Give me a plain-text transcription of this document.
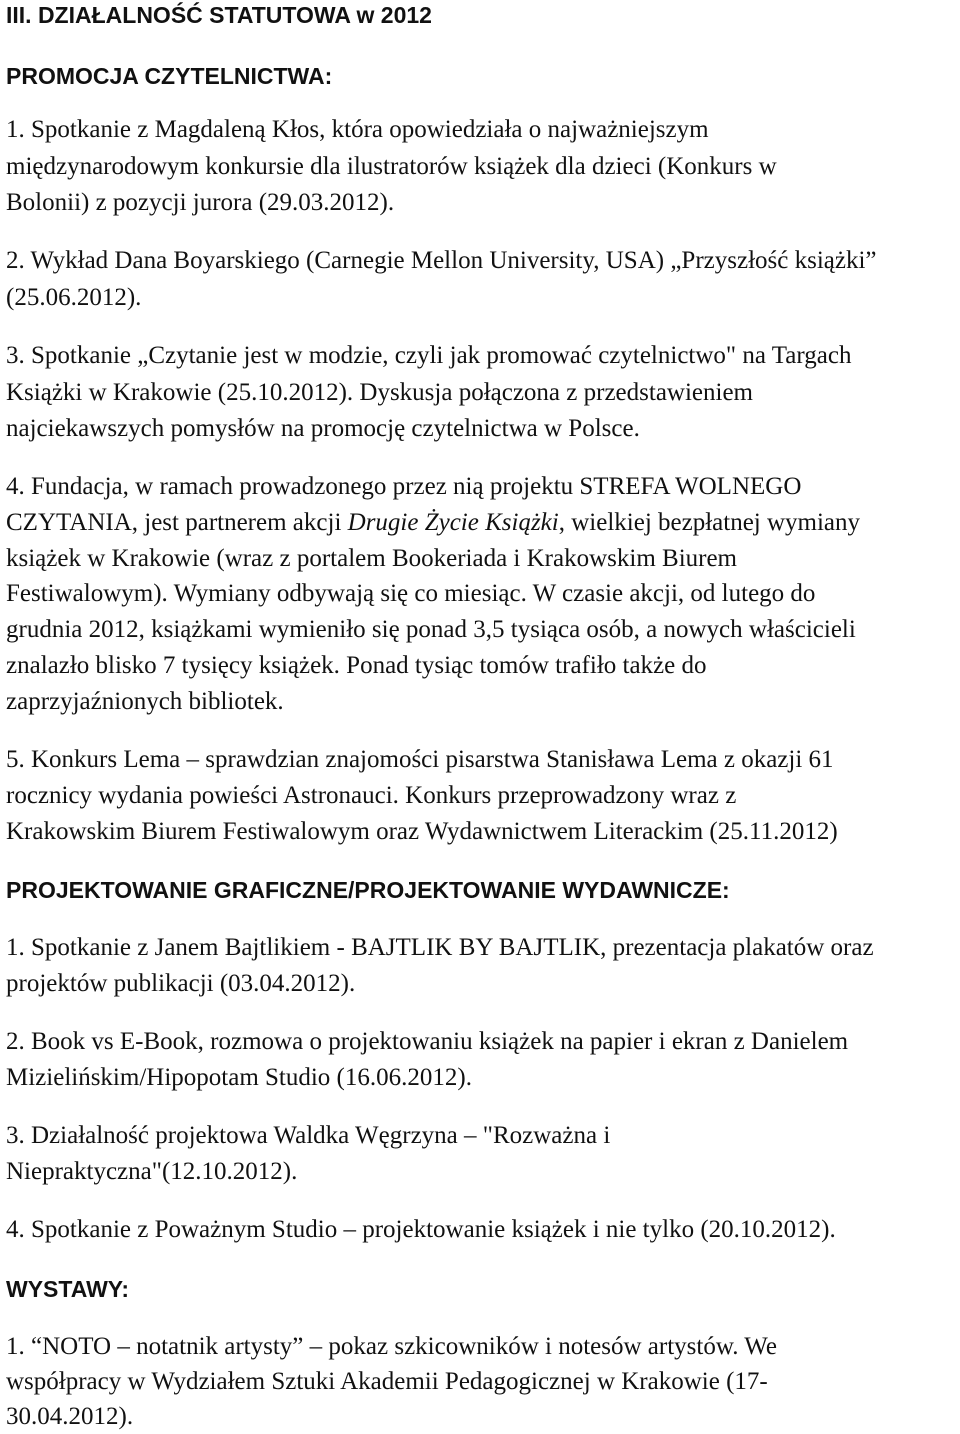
III. DZIAŁALNOŚĆ STATUTOWA w 2012
PROMOCJA CZYTELNICTWA:
1. Spotkanie z Magdaleną Kłos, która opowiedziała o najważniejszym
międzynarodowym konkursie dla ilustratorów książek dla dzieci (Konkurs w
Bolonii) z pozycji jurora (29.03.2012).
2. Wykład Dana Boyarskiego (Carnegie Mellon University, USA) „Przyszłość książki”
(25.06.2012).
3. Spotkanie „Czytanie jest w modzie, czyli jak promować czytelnictwo" na Targach
Książki w Krakowie (25.10.2012). Dyskusja połączona z przedstawieniem
najciekawszych pomysłów na promocję czytelnictwa w Polsce.
4. Fundacja, w ramach prowadzonego przez nią projektu STREFA WOLNEGO
CZYTANIA, jest partnerem akcji Drugie Życie Książki, wielkiej bezpłatnej wymiany
książek w Krakowie (wraz z portalem Bookeriada i Krakowskim Biurem
Festiwalowym). Wymiany odbywają się co miesiąc. W czasie akcji, od lutego do
grudnia 2012, książkami wymieniło się ponad 3,5 tysiąca osób, a nowych właścicieli
znalazło blisko 7 tysięcy książek. Ponad tysiąc tomów trafiło także do
zaprzyjaźnionych bibliotek.
5. Konkurs Lema – sprawdzian znajomości pisarstwa Stanisława Lema z okazji 61
rocznicy wydania powieści Astronauci. Konkurs przeprowadzony wraz z
Krakowskim Biurem Festiwalowym oraz Wydawnictwem Literackim (25.11.2012)
PROJEKTOWANIE GRAFICZNE/PROJEKTOWANIE WYDAWNICZE:
1. Spotkanie z Janem Bajtlikiem - BAJTLIK BY BAJTLIK, prezentacja plakatów oraz
projektów publikacji (03.04.2012).
2. Book vs E-Book, rozmowa o projektowaniu książek na papier i ekran z Danielem
Mizielińskim/Hipopotam Studio (16.06.2012).
3. Działalność projektowa Waldka Węgrzyna – "Rozważna i
Niepraktyczna"(12.10.2012).
4. Spotkanie z Poważnym Studio – projektowanie książek i nie tylko (20.10.2012).
WYSTAWY:
1. “NOTO – notatnik artysty” – pokaz szkicowników i notesów artystów. We
współpracy w Wydziałem Sztuki Akademii Pedagogicznej w Krakowie (17-
30.04.2012).
